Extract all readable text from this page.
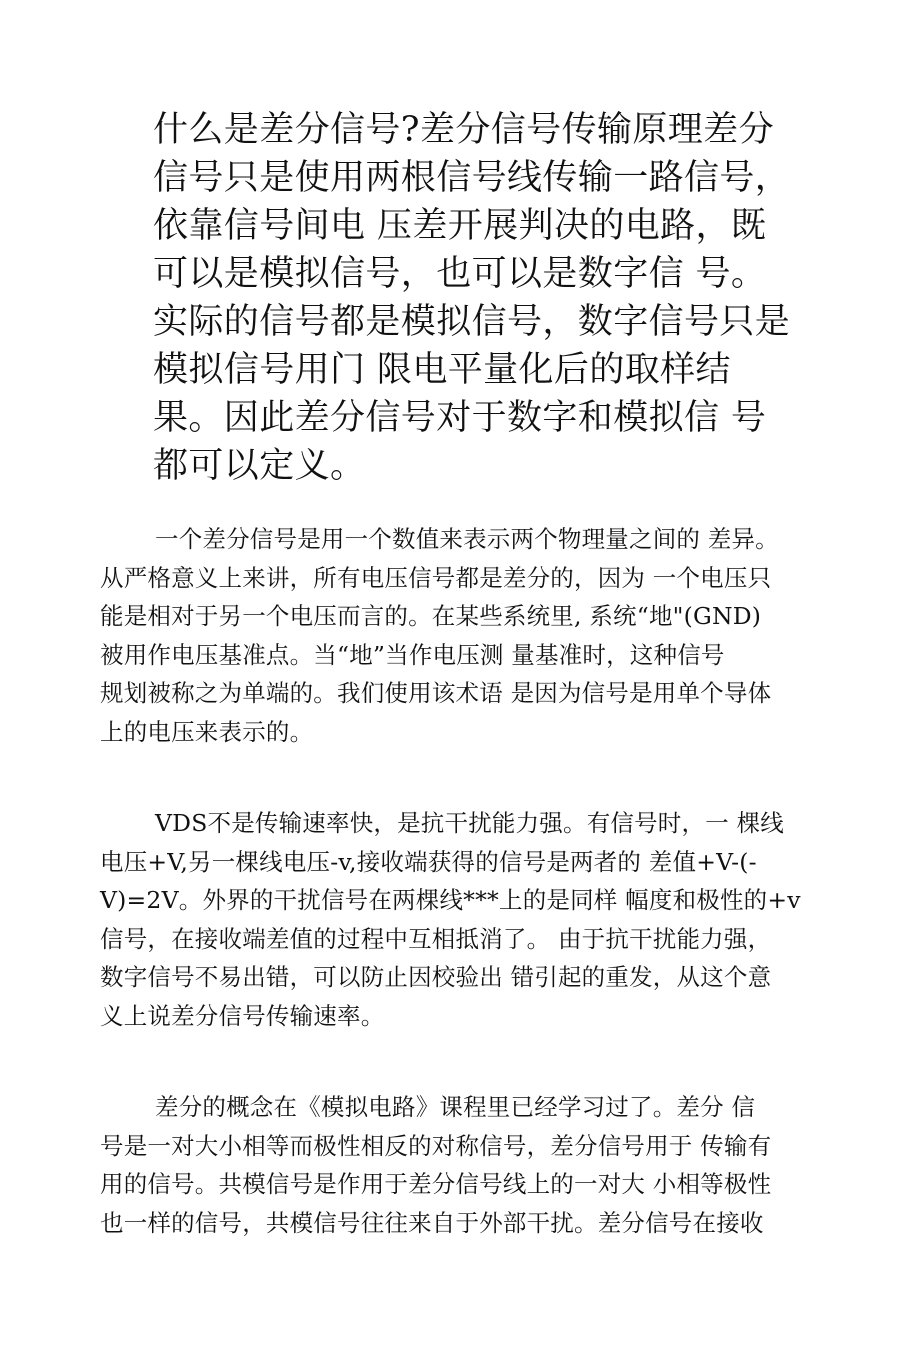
什么是差分信号?差分信号传输原理差分
信号只是使用两根信号线传输一路信号，
依靠信号间电 压差开展判决的电路，既
可以是模拟信号，也可以是数字信 号。
实际的信号都是模拟信号，数字信号只是
模拟信号用门 限电平量化后的取样结
果。因此差分信号对于数字和模拟信 号
都可以定义。
一个差分信号是用一个数值来表示两个物理量之间的 差异。
从严格意义上来讲，所有电压信号都是差分的，因为 一个电压只
能是相对于另一个电压而言的。在某些系统里, 系统“地"(GND)
被用作电压基准点。当“地”当作电压测 量基准时，这种信号
规划被称之为单端的。我们使用该术语 是因为信号是用单个导体
上的电压来表示的。
VDS不是传输速率快，是抗干扰能力强。有信号时，一 棵线
电压+V,另一棵线电压-v,接收端获得的信号是两者的 差值+V-(-
V)=2V。外界的干扰信号在两棵线***上的是同样 幅度和极性的+v
信号，在接收端差值的过程中互相抵消了。 由于抗干扰能力强，
数字信号不易出错，可以防止因校验出 错引起的重发，从这个意
义上说差分信号传输速率。
差分的概念在《模拟电路》课程里已经学习过了。差分 信
号是一对大小相等而极性相反的对称信号，差分信号用于 传输有
用的信号。共模信号是作用于差分信号线上的一对大 小相等极性
也一样的信号，共模信号往往来自于外部干扰。差分信号在接收
